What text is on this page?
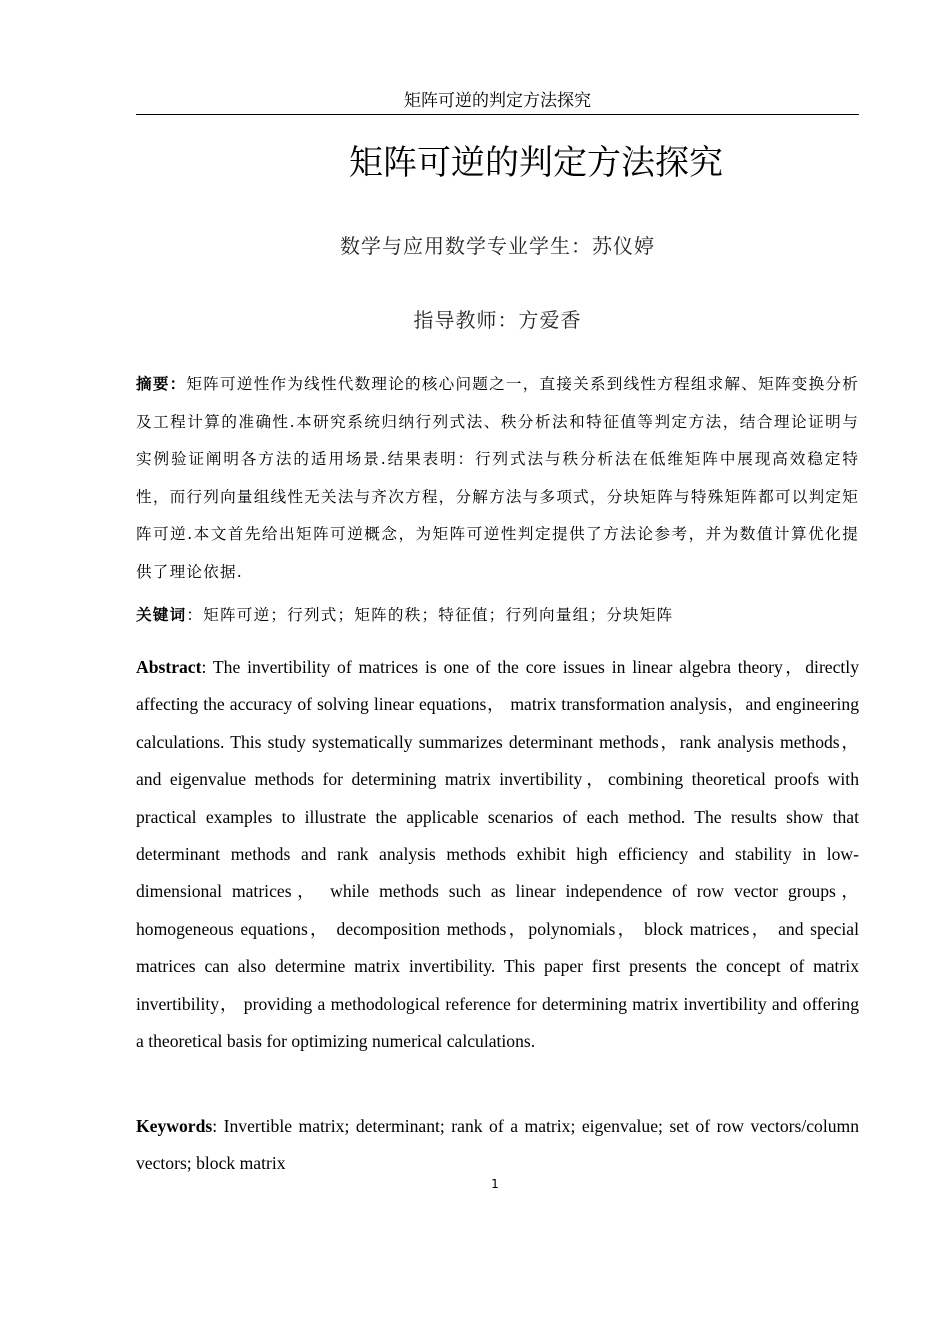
矩阵可逆的判定方法探究
矩阵可逆的判定方法探究
数学与应用数学专业学生：苏仪婷
指导教师：方爱香
摘要：矩阵可逆性作为线性代数理论的核心问题之一，直接关系到线性方程组求解、矩阵变换分析及工程计算的准确性.本研究系统归纳行列式法、秩分析法和特征值等判定方法，结合理论证明与实例验证阐明各方法的适用场景.结果表明：行列式法与秩分析法在低维矩阵中展现高效稳定特性，而行列向量组线性无关法与齐次方程，分解方法与多项式，分块矩阵与特殊矩阵都可以判定矩阵可逆.本文首先给出矩阵可逆概念，为矩阵可逆性判定提供了方法论参考，并为数值计算优化提供了理论依据.
关键词：矩阵可逆；行列式；矩阵的秩；特征值；行列向量组；分块矩阵
Abstract: The invertibility of matrices is one of the core issues in linear algebra theory，directly affecting the accuracy of solving linear equations， matrix transformation analysis，and engineering calculations. This study systematically summarizes determinant methods，rank analysis methods， and eigenvalue methods for determining matrix invertibility，combining theoretical proofs with practical examples to illustrate the applicable scenarios of each method. The results show that determinant methods and rank analysis methods exhibit high efficiency and stability in low-dimensional matrices， while methods such as linear independence of row vector groups， homogeneous equations， decomposition methods，polynomials， block matrices， and special matrices can also determine matrix invertibility. This paper first presents the concept of matrix invertibility， providing a methodological reference for determining matrix invertibility and offering a theoretical basis for optimizing numerical calculations.
Keywords: Invertible matrix; determinant; rank of a matrix; eigenvalue; set of row vectors/column vectors; block matrix
1
